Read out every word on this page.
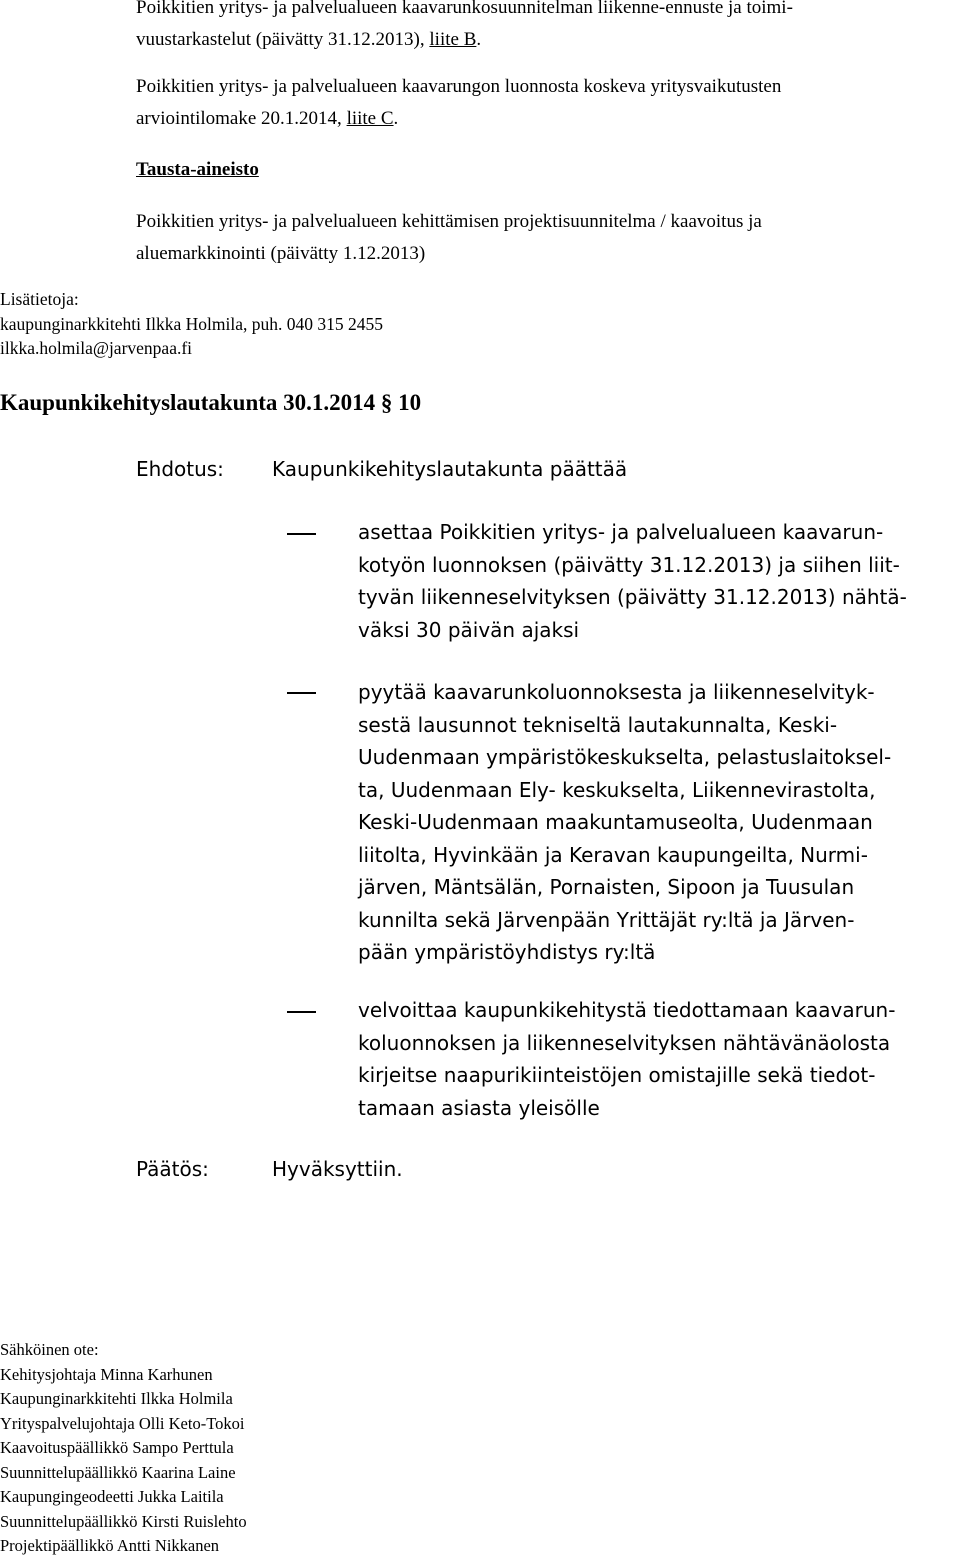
Poikkitien yritys- ja palvelualueen kaavarunkosuunnitelman liikenne-ennuste ja toimi-
vuustarkastelut (päivätty 31.12.2013), liite B.
Poikkitien yritys- ja palvelualueen kaavarungon luonnosta koskeva yritysvaikutusten
arviointilomake 20.1.2014, liite C.
Tausta-aineisto
Poikkitien yritys- ja palvelualueen kehittämisen projektisuunnitelma / kaavoitus ja
aluemarkkinointi (päivätty 1.12.2013)
Lisätietoja:
kaupunginarkkitehti Ilkka Holmila, puh. 040 315 2455
ilkka.holmila@jarvenpaa.fi
Kaupunkikehityslautakunta 30.1.2014 § 10
Ehdotus: Kaupunkikehityslautakunta päättää
asettaa Poikkitien yritys- ja palvelualueen kaavarun-
kotyön luonnoksen (päivätty 31.12.2013) ja siihen liit-
tyvän liikenneselvityksen (päivätty 31.12.2013) nähtä-
väksi 30 päivän ajaksi
pyytää kaavarunkoluonnoksesta ja liikenneselvityk-
sestä lausunnot tekniseltä lautakunnalta, Keski-
Uudenmaan ympäristökeskukselta, pelastuslaitoksel-
ta, Uudenmaan Ely- keskukselta, Liikennevirastolta,
Keski-Uudenmaan maakuntamuseolta, Uudenmaan
liitolta, Hyvinkään ja Keravan kaupungeilta, Nurmi-
järven, Mäntsälän, Pornaisten, Sipoon ja Tuusulan
kunnilta sekä Järvenpään Yrittäjät ry:ltä ja Järven-
pään ympäristöyhdistys ry:ltä
velvoittaa kaupunkikehitystä tiedottamaan kaavarun-
koluonnoksen ja liikenneselvityksen nähtävänäolosta
kirjeitse naapurikiinteistöjen omistajille sekä tiedot-
tamaan asiasta yleisölle
Päätös:	Hyväksyttiin.
Sähköinen ote:
Kehitysjohtaja Minna Karhunen
Kaupunginarkkitehti Ilkka Holmila
Yrityspalvelujohtaja Olli Keto-Tokoi
Kaavoituspäällikkö Sampo Perttula
Suunnittelupäällikkö Kaarina Laine
Kaupungingeodeetti Jukka Laitila
Suunnittelupäällikkö Kirsti Ruislehto
Projektipäällikkö Antti Nikkanen
